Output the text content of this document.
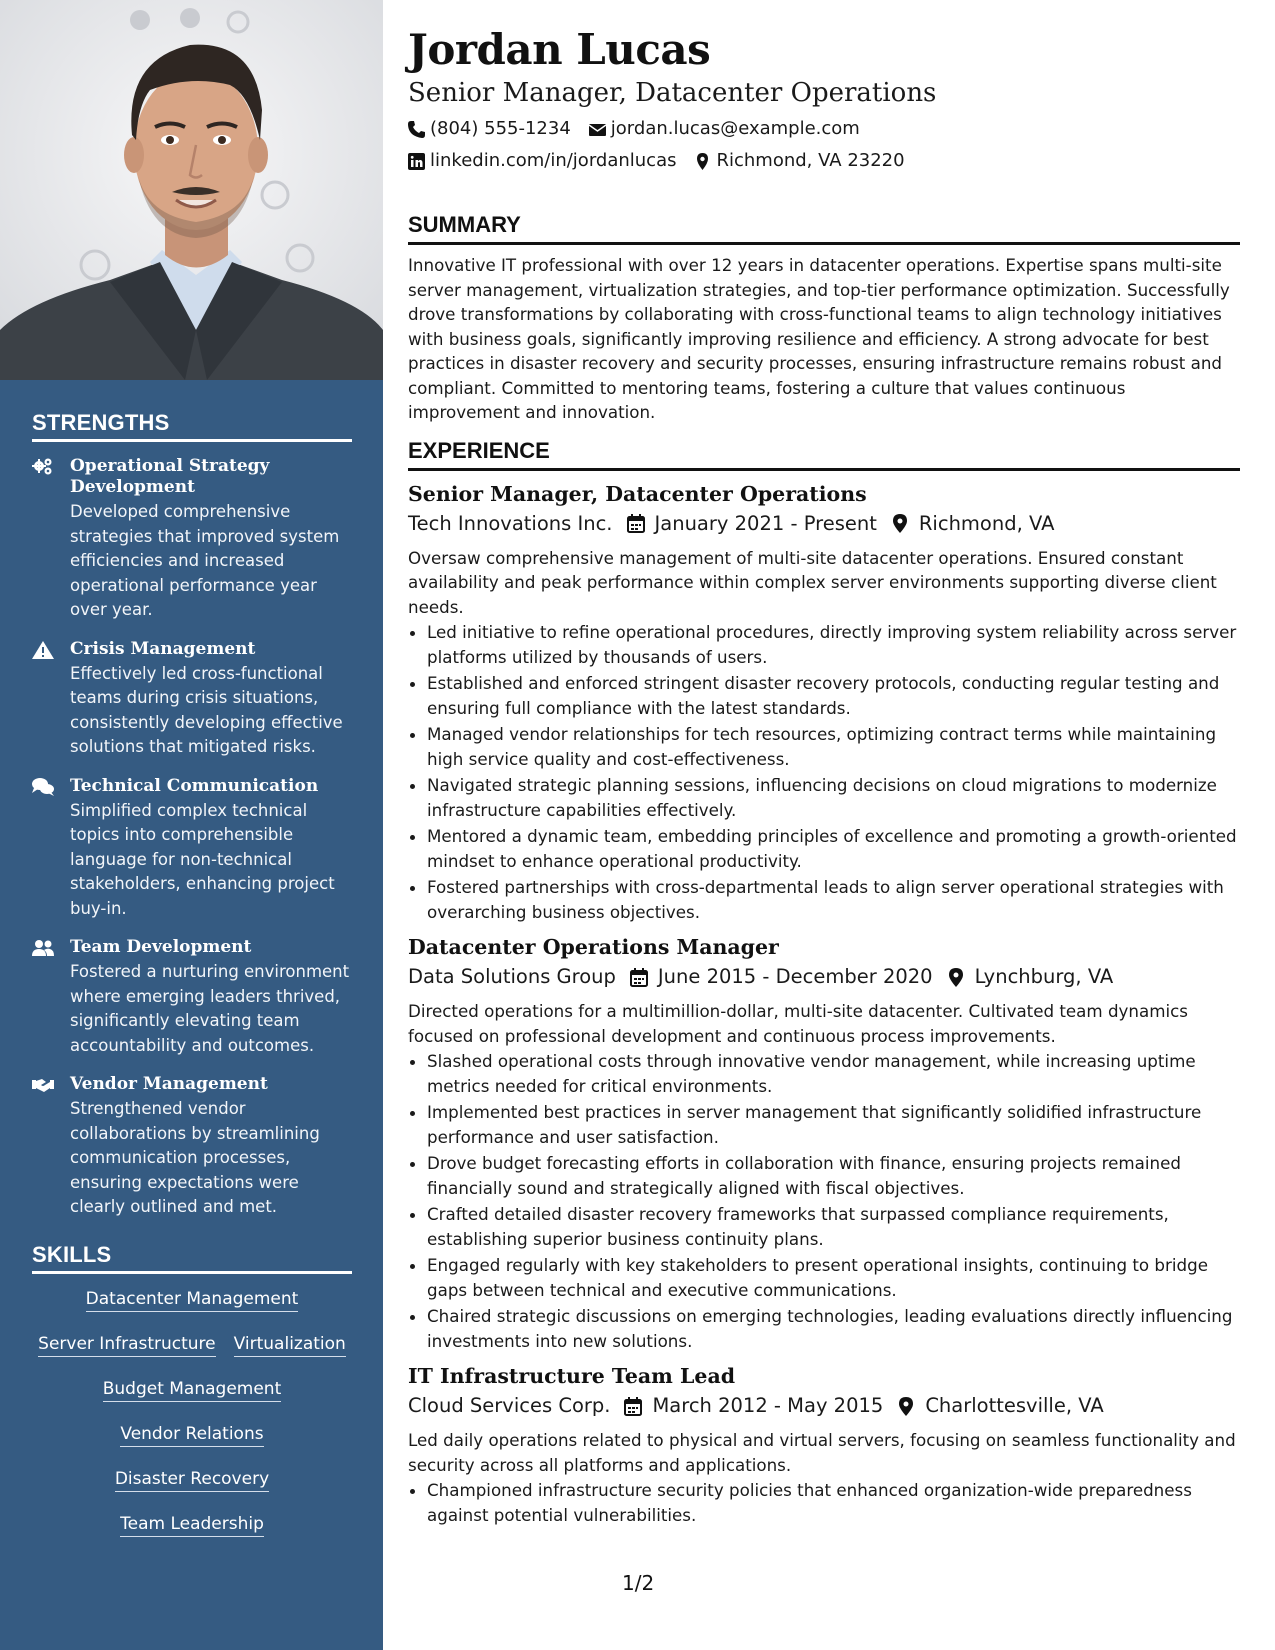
STRENGTHS
Operational Strategy Development
Developed comprehensive strategies that improved system efficiencies and increased operational performance year over year.
Crisis Management
Effectively led cross-functional teams during crisis situations, consistently developing effective solutions that mitigated risks.
Technical Communication
Simplified complex technical topics into comprehensible language for non-technical stakeholders, enhancing project buy-in.
Team Development
Fostered a nurturing environment where emerging leaders thrived, significantly elevating team accountability and outcomes.
Vendor Management
Strengthened vendor collaborations by streamlining communication processes, ensuring expectations were clearly outlined and met.
SKILLS
Datacenter Management
Server Infrastructure Virtualization
Budget Management
Vendor Relations
Disaster Recovery
Team Leadership
Jordan Lucas
Senior Manager, Datacenter Operations
(804) 555-1234 jordan.lucas@example.com
linkedin.com/in/jordanlucas Richmond, VA 23220
SUMMARY
Innovative IT professional with over 12 years in datacenter operations. Expertise spans multi-site server management, virtualization strategies, and top-tier performance optimization. Successfully drove transformations by collaborating with cross-functional teams to align technology initiatives with business goals, significantly improving resilience and efficiency. A strong advocate for best practices in disaster recovery and security processes, ensuring infrastructure remains robust and compliant. Committed to mentoring teams, fostering a culture that values continuous improvement and innovation.
EXPERIENCE
Senior Manager, Datacenter Operations
Tech Innovations Inc. January 2021 - Present Richmond, VA
Oversaw comprehensive management of multi-site datacenter operations. Ensured constant availability and peak performance within complex server environments supporting diverse client needs.
• Led initiative to refine operational procedures, directly improving system reliability across server platforms utilized by thousands of users.
• Established and enforced stringent disaster recovery protocols, conducting regular testing and ensuring full compliance with the latest standards.
• Managed vendor relationships for tech resources, optimizing contract terms while maintaining high service quality and cost-effectiveness.
• Navigated strategic planning sessions, influencing decisions on cloud migrations to modernize infrastructure capabilities effectively.
• Mentored a dynamic team, embedding principles of excellence and promoting a growth-oriented mindset to enhance operational productivity.
• Fostered partnerships with cross-departmental leads to align server operational strategies with overarching business objectives.
Datacenter Operations Manager
Data Solutions Group June 2015 - December 2020 Lynchburg, VA
Directed operations for a multimillion-dollar, multi-site datacenter. Cultivated team dynamics focused on professional development and continuous process improvements.
• Slashed operational costs through innovative vendor management, while increasing uptime metrics needed for critical environments.
• Implemented best practices in server management that significantly solidified infrastructure performance and user satisfaction.
• Drove budget forecasting efforts in collaboration with finance, ensuring projects remained financially sound and strategically aligned with fiscal objectives.
• Crafted detailed disaster recovery frameworks that surpassed compliance requirements, establishing superior business continuity plans.
• Engaged regularly with key stakeholders to present operational insights, continuing to bridge gaps between technical and executive communications.
• Chaired strategic discussions on emerging technologies, leading evaluations directly influencing investments into new solutions.
IT Infrastructure Team Lead
Cloud Services Corp. March 2012 - May 2015 Charlottesville, VA
Led daily operations related to physical and virtual servers, focusing on seamless functionality and security across all platforms and applications.
• Championed infrastructure security policies that enhanced organization-wide preparedness against potential vulnerabilities.
1/2
